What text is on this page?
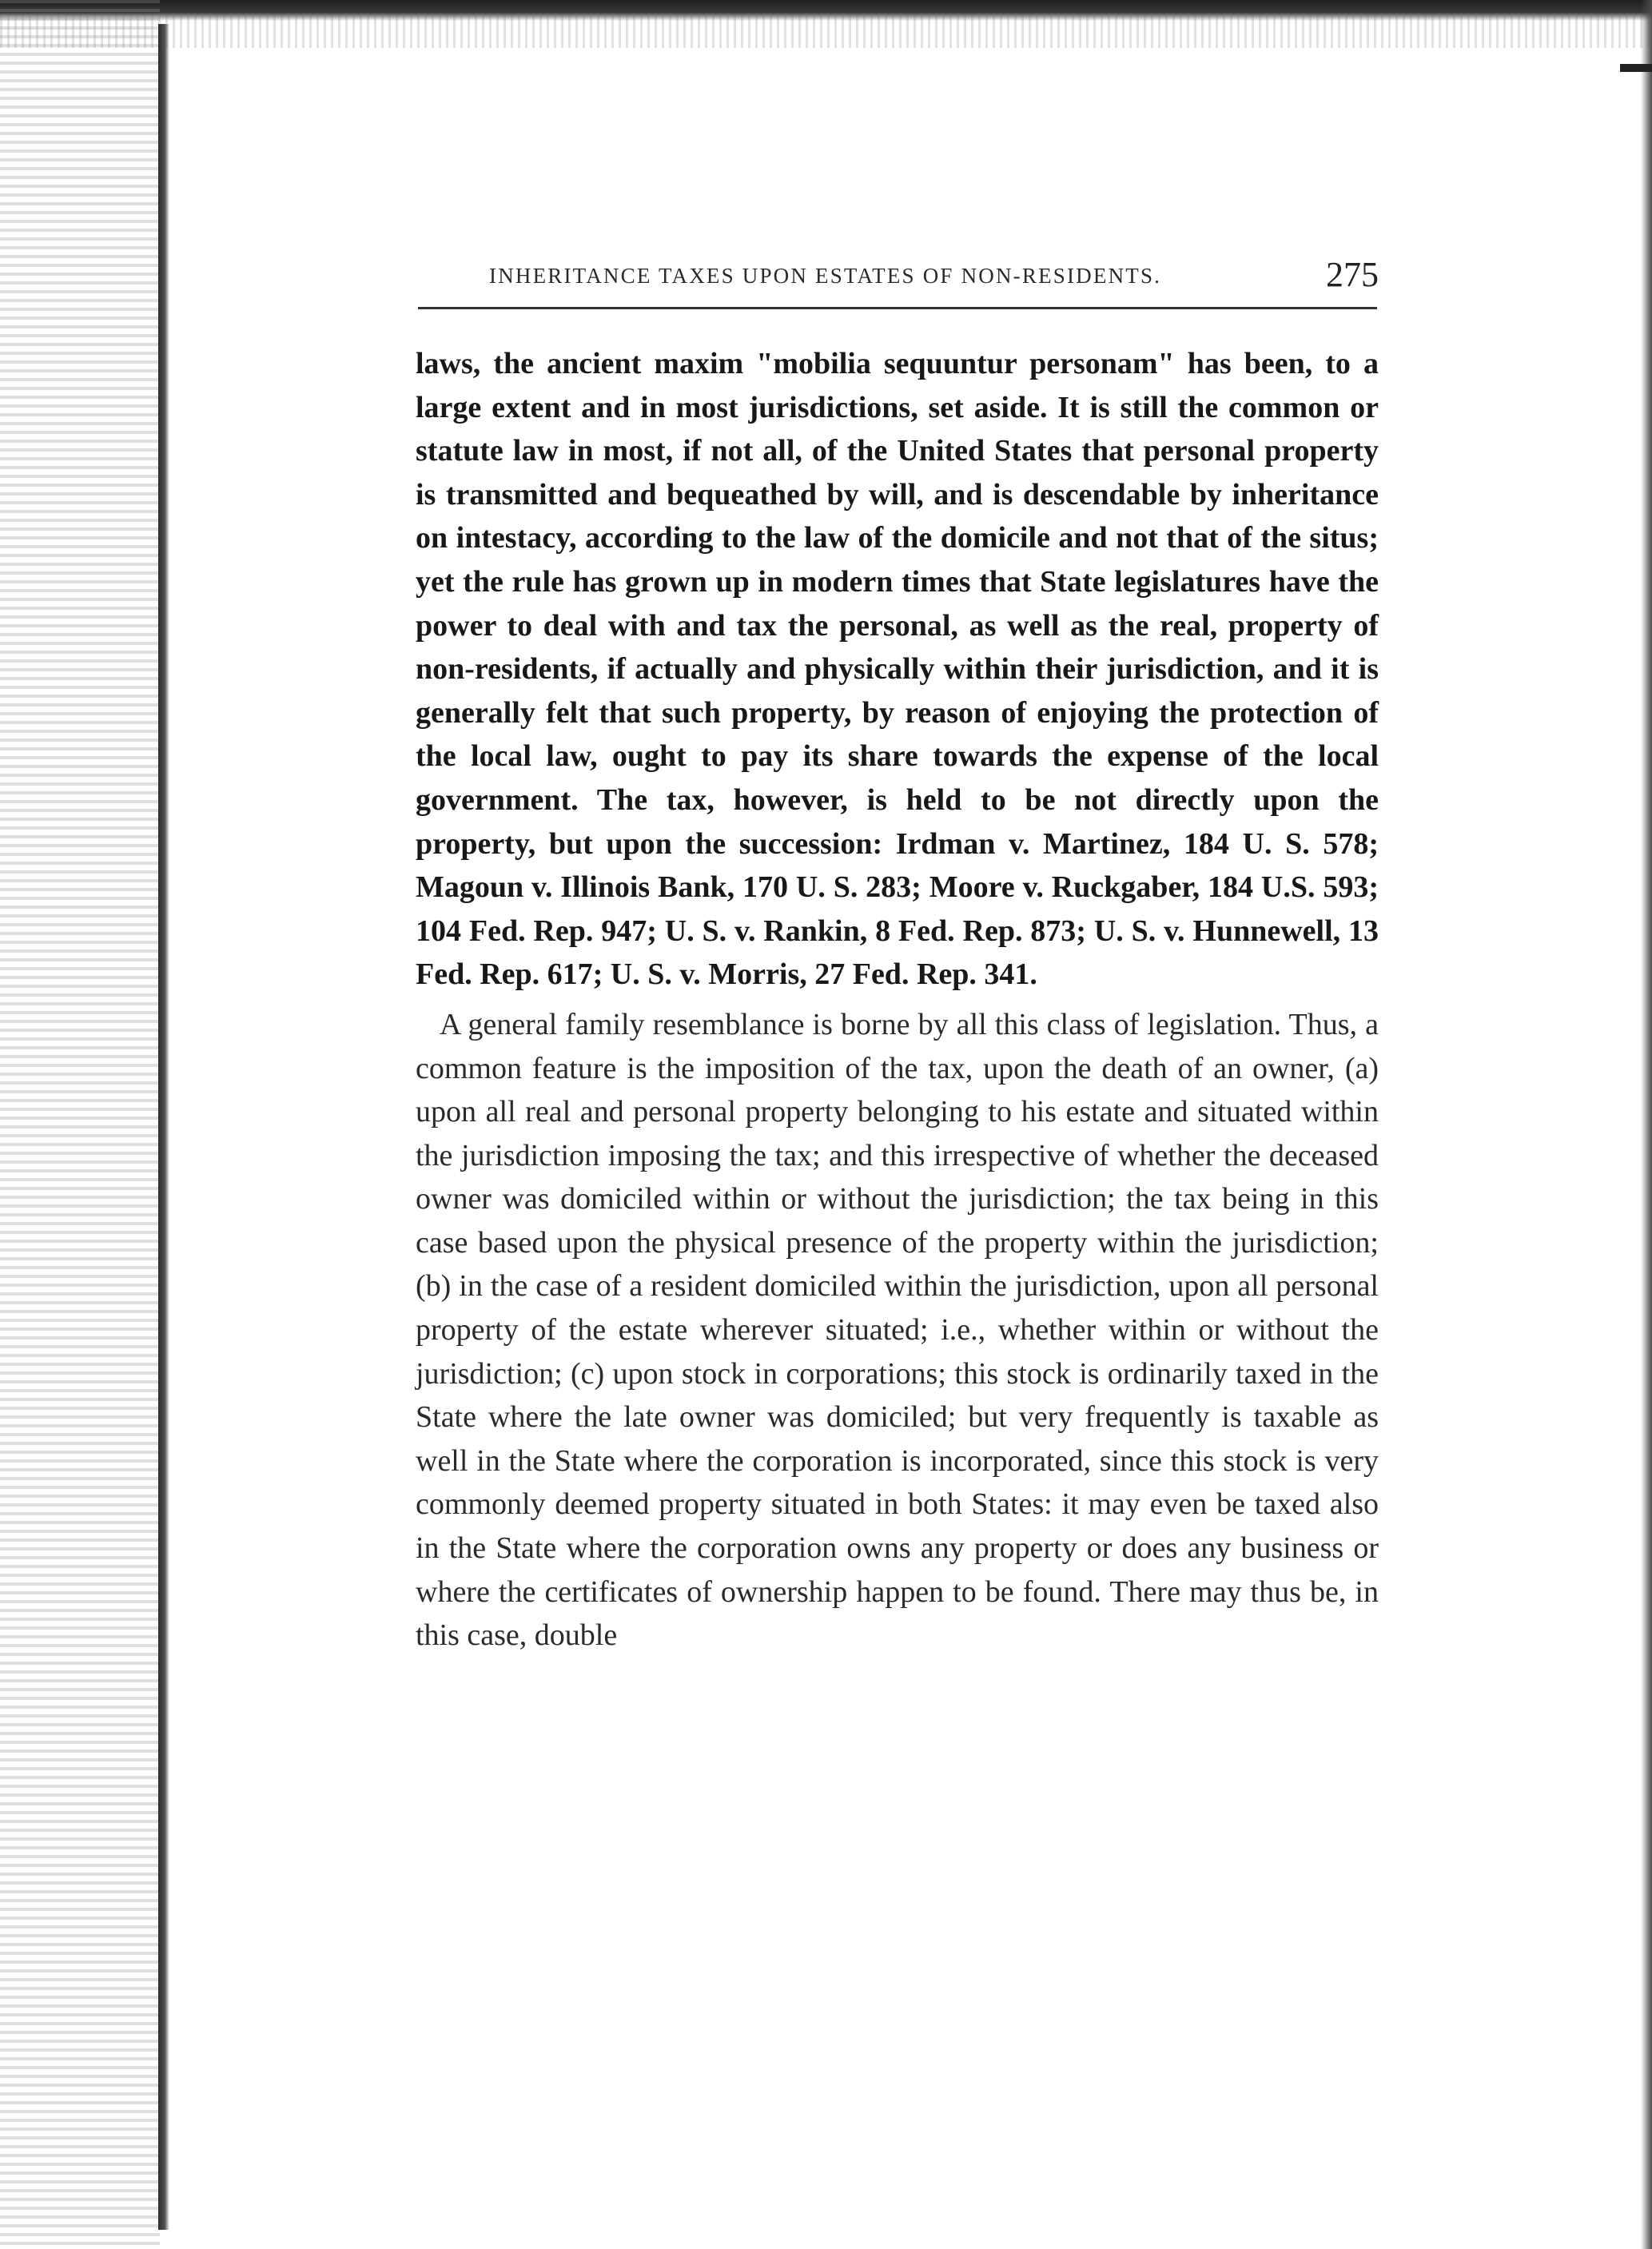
INHERITANCE TAXES UPON ESTATES OF NON-RESIDENTS.	275

laws, the ancient maxim "mobilia sequuntur personam" has been, to a large extent and in most jurisdictions, set aside. It is still the common or statute law in most, if not all, of the United States that personal property is transmitted and bequeathed by will, and is descendable by inheritance on intestacy, according to the law of the domicile and not that of the situs; yet the rule has grown up in modern times that State legislatures have the power to deal with and tax the personal, as well as the real, property of non-residents, if actually and physically within their jurisdiction, and it is generally felt that such property, by reason of enjoying the protection of the local law, ought to pay its share towards the expense of the local government. The tax, however, is held to be not directly upon the property, but upon the succession: Irdman v. Martinez, 184 U. S. 578; Magoun v. Illinois Bank, 170 U. S. 283; Moore v. Ruckgaber, 184 U.S. 593; 104 Fed. Rep. 947; U. S. v. Rankin, 8 Fed. Rep. 873; U. S. v. Hunnewell, 13 Fed. Rep. 617; U. S. v. Morris, 27 Fed. Rep. 341.

A general family resemblance is borne by all this class of legislation. Thus, a common feature is the imposition of the tax, upon the death of an owner, (a) upon all real and personal property belonging to his estate and situated within the jurisdiction imposing the tax; and this irrespective of whether the deceased owner was domiciled within or without the jurisdiction; the tax being in this case based upon the physical presence of the property within the jurisdiction; (b) in the case of a resident domiciled within the jurisdiction, upon all personal property of the estate wherever situated; i.e., whether within or without the jurisdiction; (c) upon stock in corporations; this stock is ordinarily taxed in the State where the late owner was domiciled; but very frequently is taxable as well in the State where the corporation is incorporated, since this stock is very commonly deemed property situated in both States: it may even be taxed also in the State where the corporation owns any property or does any business or where the certificates of ownership happen to be found. There may thus be, in this case, double
